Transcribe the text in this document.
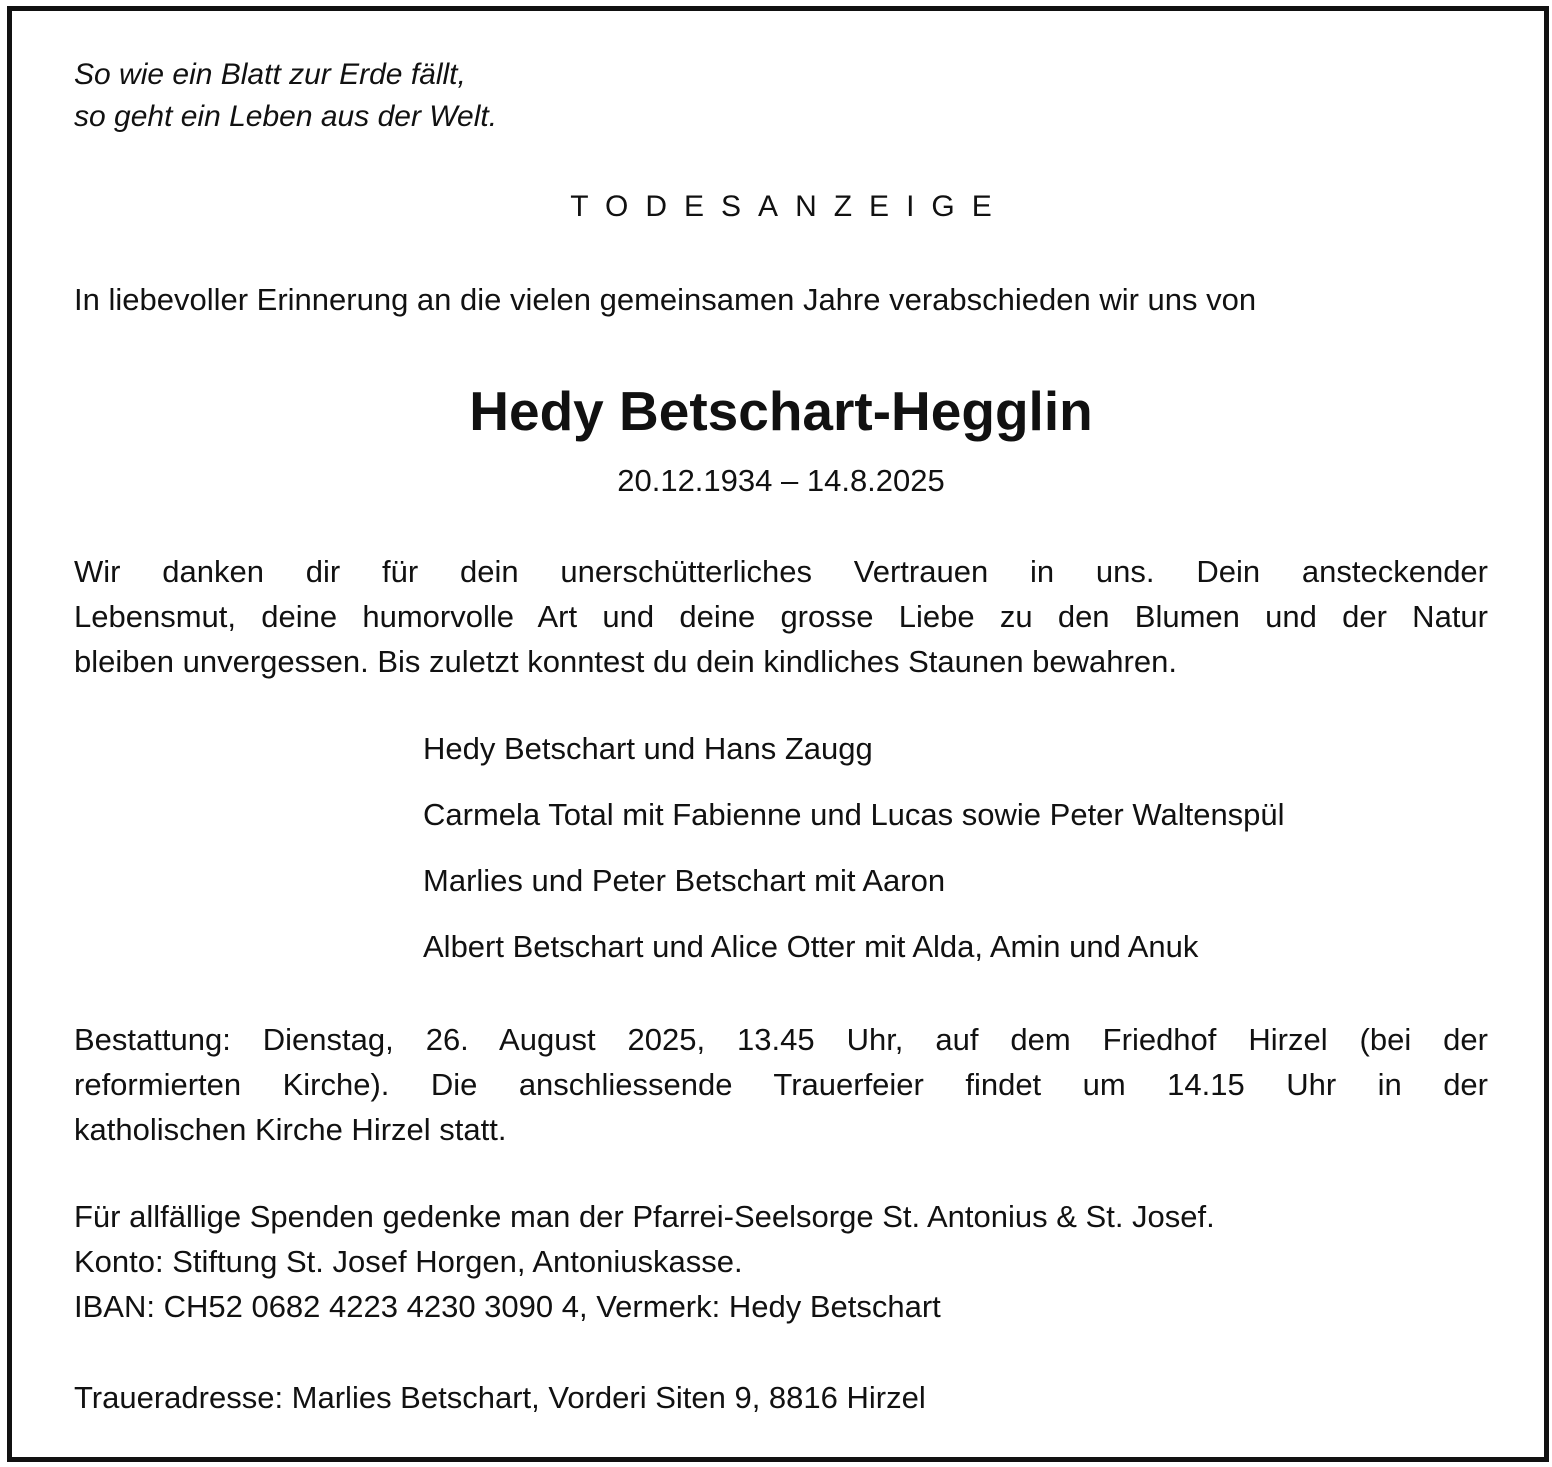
So wie ein Blatt zur Erde fällt,
so geht ein Leben aus der Welt.
TODESANZEIGE
In liebevoller Erinnerung an die vielen gemeinsamen Jahre verabschieden wir uns von
Hedy Betschart-Hegglin
20.12.1934 – 14.8.2025
Wir danken dir für dein unerschütterliches Vertrauen in uns. Dein ansteckender
Lebensmut, deine humorvolle Art und deine grosse Liebe zu den Blumen und der Natur
bleiben unvergessen. Bis zuletzt konntest du dein kindliches Staunen bewahren.
Hedy Betschart und Hans Zaugg
Carmela Total mit Fabienne und Lucas sowie Peter Waltenspül
Marlies und Peter Betschart mit Aaron
Albert Betschart und Alice Otter mit Alda, Amin und Anuk
Bestattung: Dienstag, 26. August 2025, 13.45 Uhr, auf dem Friedhof Hirzel (bei der
reformierten Kirche). Die anschliessende Trauerfeier findet um 14.15 Uhr in der
katholischen Kirche Hirzel statt.
Für allfällige Spenden gedenke man der Pfarrei-Seelsorge St. Antonius & St. Josef.
Konto: Stiftung St. Josef Horgen, Antoniuskasse.
IBAN: CH52 0682 4223 4230 3090 4, Vermerk: Hedy Betschart
Traueradresse: Marlies Betschart, Vorderi Siten 9, 8816 Hirzel
